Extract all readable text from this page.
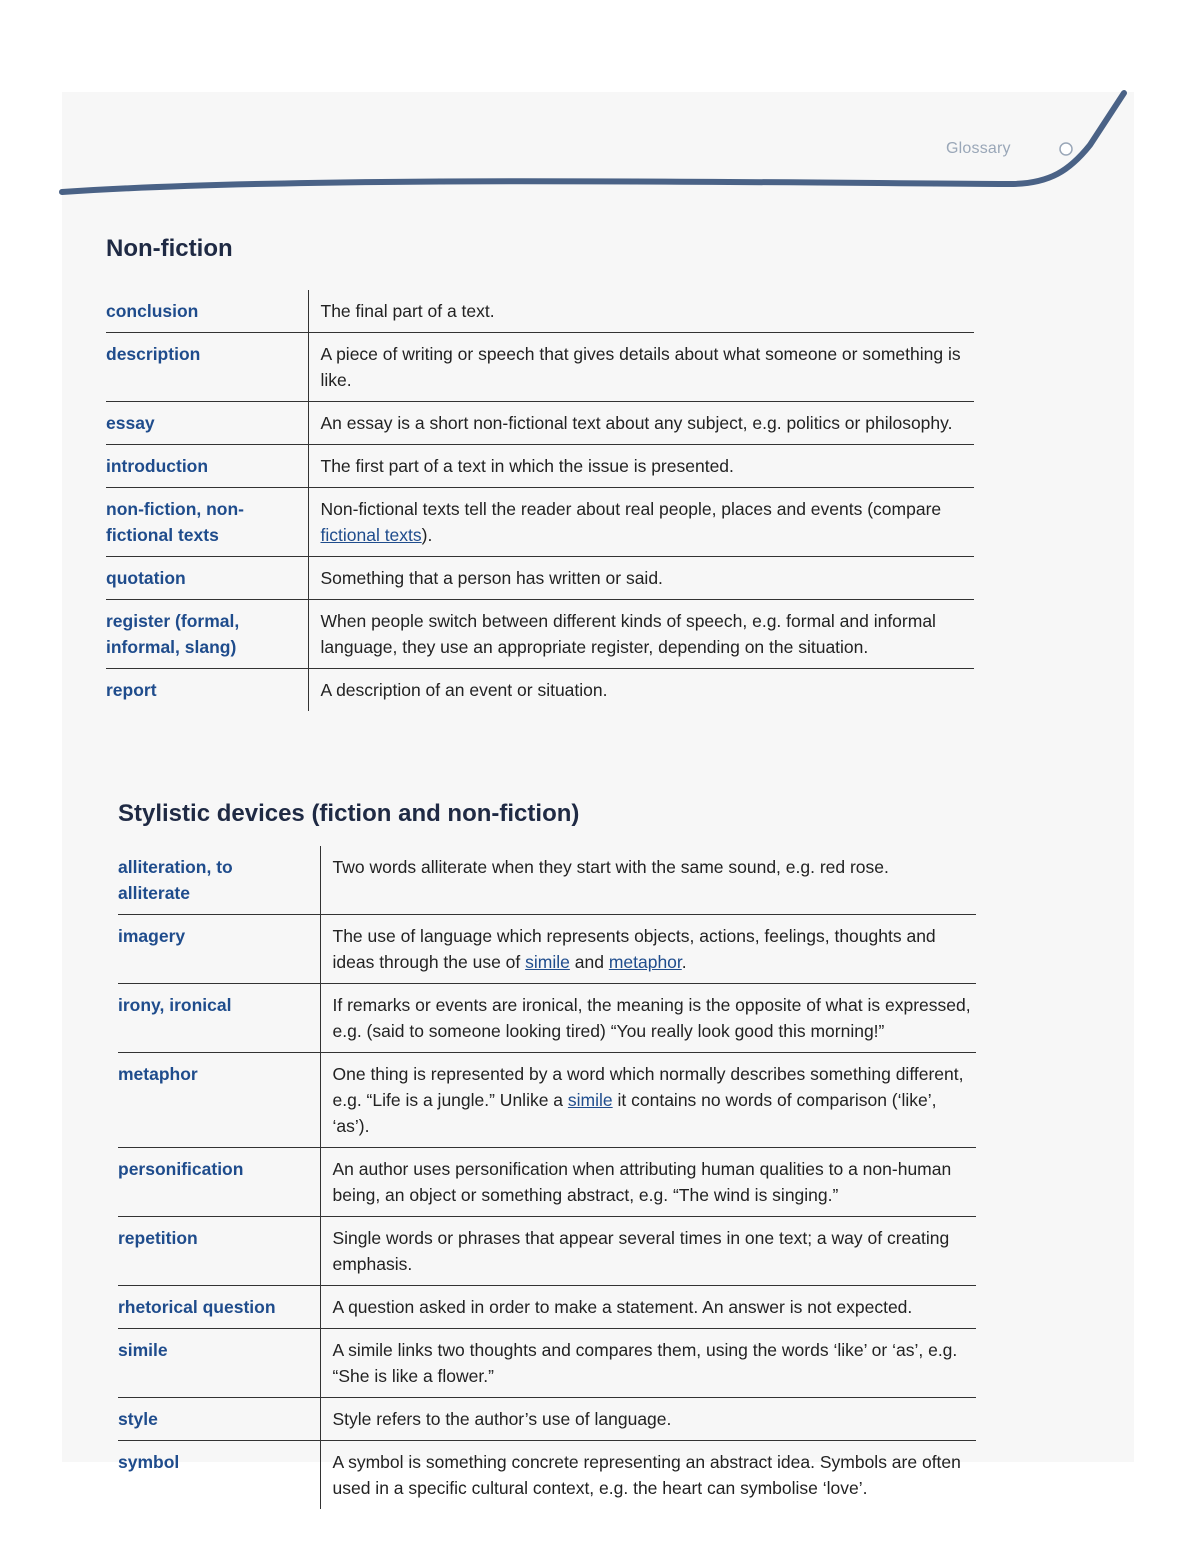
Glossary
Non-fiction
conclusion	The final part of a text.
description	A piece of writing or speech that gives details about what someone or something is like.
essay	An essay is a short non-fictional text about any subject, e.g. politics or philosophy.
introduction	The first part of a text in which the issue is presented.
non-fiction, non-fictional texts	Non-fictional texts tell the reader about real people, places and events (compare fictional texts).
quotation	Something that a person has written or said.
register (formal, informal, slang)	When people switch between different kinds of speech, e.g. formal and informal language, they use an appropriate register, depending on the situation.
report	A description of an event or situation.
Stylistic devices (fiction and non-fiction)
alliteration, to alliterate	Two words alliterate when they start with the same sound, e.g. red rose.
imagery	The use of language which represents objects, actions, feelings, thoughts and ideas through the use of simile and metaphor.
irony, ironical	If remarks or events are ironical, the meaning is the opposite of what is expressed, e.g. (said to someone looking tired) “You really look good this morning!”
metaphor	One thing is represented by a word which normally describes something different, e.g. “Life is a jungle.” Unlike a simile it contains no words of comparison (‘like’, ‘as’).
personification	An author uses personification when attributing human qualities to a non-human being, an object or something abstract, e.g. “The wind is singing.”
repetition	Single words or phrases that appear several times in one text; a way of creating emphasis.
rhetorical question	A question asked in order to make a statement. An answer is not expected.
simile	A simile links two thoughts and compares them, using the words ‘like’ or ‘as’, e.g. “She is like a flower.”
style	Style refers to the author’s use of language.
symbol	A symbol is something concrete representing an abstract idea. Symbols are often used in a specific cultural context, e.g. the heart can symbolise ‘love’.
